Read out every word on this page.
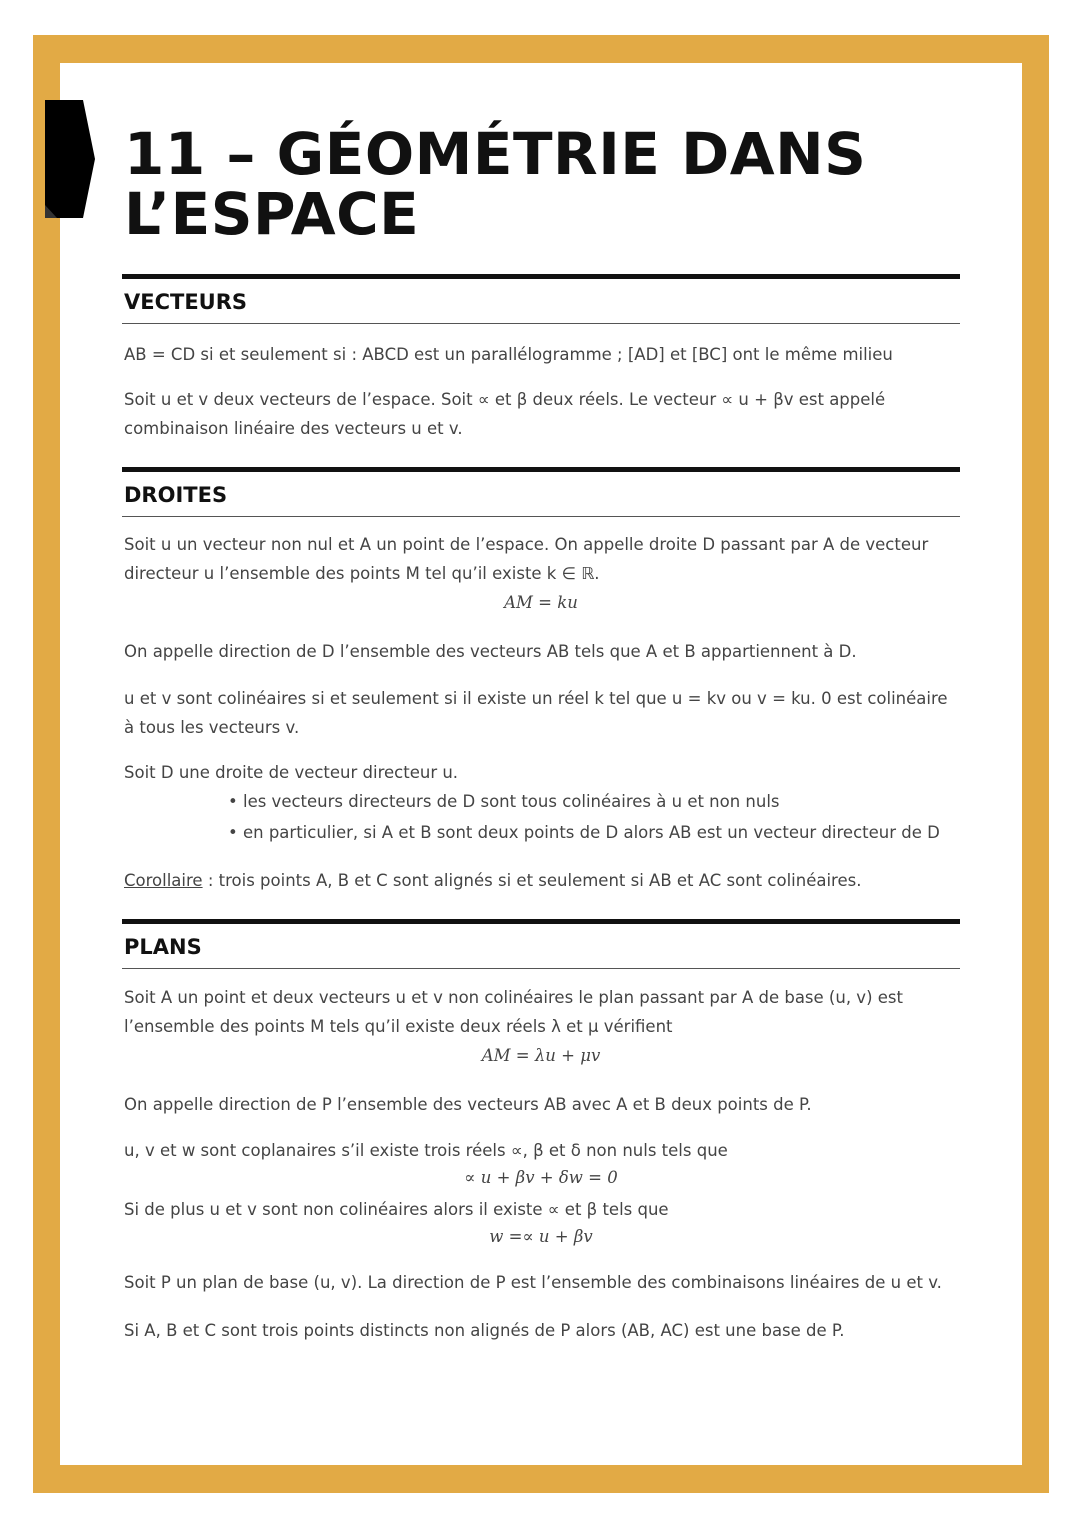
11 – GÉOMÉTRIE DANS
L’ESPACE
VECTEURS

AB = CD si et seulement si : ABCD est un parallélogramme ; [AD] et [BC] ont le même milieu

Soit u et v deux vecteurs de l’espace. Soit ∝ et β deux réels. Le vecteur ∝ u + βv est appelé combinaison linéaire des vecteurs u et v.

DROITES

Soit u un vecteur non nul et A un point de l’espace. On appelle droite D passant par A de vecteur directeur u l’ensemble des points M tel qu’il existe k ∈ ℝ.

AM = ku

On appelle direction de D l’ensemble des vecteurs AB tels que A et B appartiennent à D.

u et v sont colinéaires si et seulement si il existe un réel k tel que u = kv ou v = ku. 0 est colinéaire à tous les vecteurs v.

Soit D une droite de vecteur directeur u.

• les vecteurs directeurs de D sont tous colinéaires à u et non nuls
• en particulier, si A et B sont deux points de D alors AB est un vecteur directeur de D

Corollaire : trois points A, B et C sont alignés si et seulement si AB et AC sont colinéaires.

PLANS

Soit A un point et deux vecteurs u et v non colinéaires le plan passant par A de base (u, v) est l’ensemble des points M tels qu’il existe deux réels λ et μ vérifient

AM = λu + μv

On appelle direction de P l’ensemble des vecteurs AB avec A et B deux points de P.

u, v et w sont coplanaires s’il existe trois réels ∝, β et δ non nuls tels que

∝ u + βv + δw = 0

Si de plus u et v sont non colinéaires alors il existe ∝ et β tels que

w =∝ u + βv

Soit P un plan de base (u, v). La direction de P est l’ensemble des combinaisons linéaires de u et v.

Si A, B et C sont trois points distincts non alignés de P alors (AB, AC) est une base de P.
